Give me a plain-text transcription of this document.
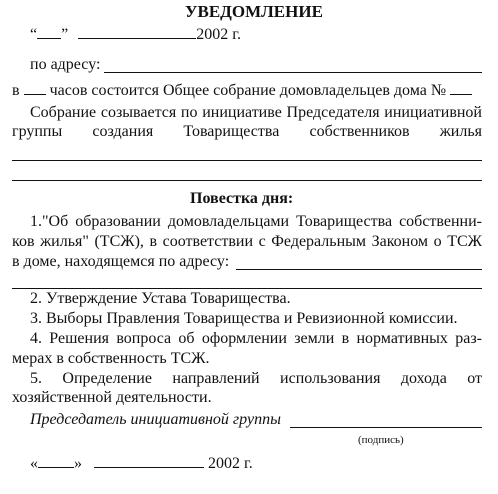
УВЕДОМЛЕНИЕ
“ ”	2002 г.
по адресу:
в часов состоится Общее собрание домовладельцев дома №
Собрание созывается по инициативе Председателя инициативной
группы создания Товарищества собственников жилья
Повестка дня:
1."Об образовании домовладельцами Товарищества собственни-
ков жилья" (ТСЖ), в соответствии с Федеральным Законом о ТСЖ
в доме, находящемся по адресу:
2. Утверждение Устава Товарищества.
3. Выборы Правления Товарищества и Ревизионной комиссии.
4. Решения вопроса об оформлении земли в нормативных раз-
мерах в собственность ТСЖ.
5. Определение направлений использования дохода от
хозяйственной деятельности.
Председатель инициативной группы
(подпись)
« »	2002 г.
